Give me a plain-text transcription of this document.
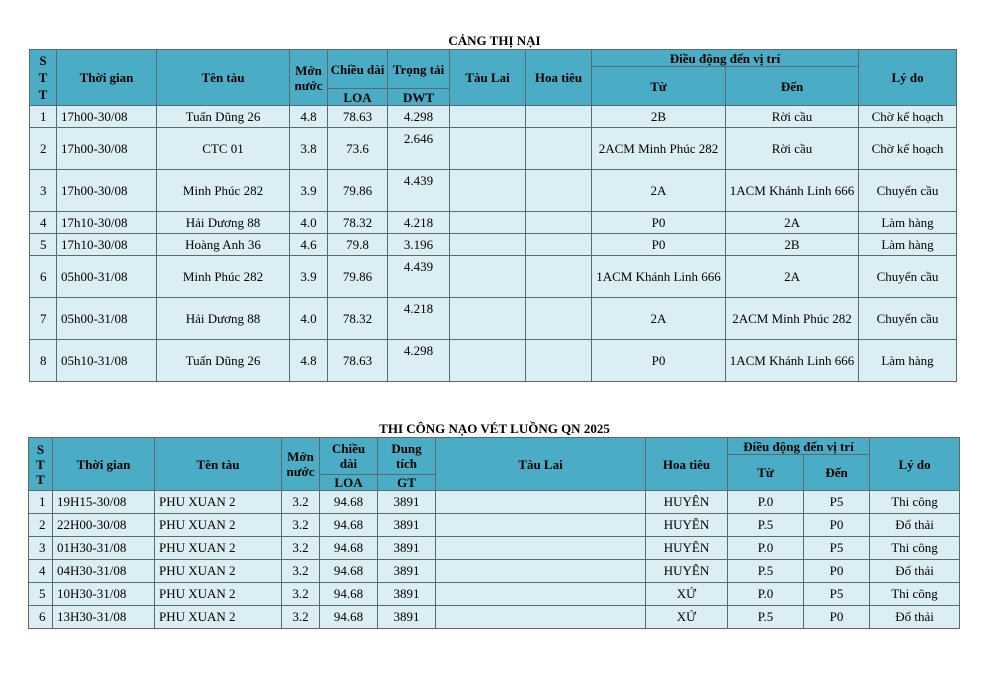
CẢNG THỊ NẠI
S
T
T	Thời gian	Tên tàu	Mớn nước	Chiều dài	Trọng tải	Tàu Lai	Hoa tiêu	Điều động đến vị trí		Lý do
								Từ	Đến	
				LOA	DWT					
1	17h00-30/08	Tuấn Dũng 26	4.8	78.63	4.298			2B	Rời cầu	Chờ kế hoạch
2	17h00-30/08	CTC 01	3.8	73.6	2.646			2ACM Minh Phúc 282	Rời cầu	Chờ kế hoạch
3	17h00-30/08	Minh Phúc 282	3.9	79.86	4.439			2A	1ACM Khánh Linh 666	Chuyển cầu
4	17h10-30/08	Hải Dương 88	4.0	78.32	4.218			P0	2A	Làm hàng
5	17h10-30/08	Hoàng Anh 36	4.6	79.8	3.196			P0	2B	Làm hàng
6	05h00-31/08	Minh Phúc 282	3.9	79.86	4.439			1ACM Khánh Linh 666	2A	Chuyển cầu
7	05h00-31/08	Hải Dương 88	4.0	78.32	4.218			2A	2ACM Minh Phúc 282	Chuyển cầu
8	05h10-31/08	Tuấn Dũng 26	4.8	78.63	4.298			P0	1ACM Khánh Linh 666	Làm hàng
THI CÔNG NẠO VÉT LUỒNG QN 2025
S
T
T	Thời gian	Tên tàu	Mớn nước	Chiều dài	Dung tích	Tàu Lai	Hoa tiêu	Điều động đến vị trí		Lý do
								Từ	Đến	
				LOA	GT					
1	19H15-30/08	PHU XUAN 2	3.2	94.68	3891		HUYÊN	P.0	P5	Thi công
2	22H00-30/08	PHU XUAN 2	3.2	94.68	3891		HUYÊN	P.5	P0	Đổ thải
3	01H30-31/08	PHU XUAN 2	3.2	94.68	3891		HUYÊN	P.0	P5	Thi công
4	04H30-31/08	PHU XUAN 2	3.2	94.68	3891		HUYÊN	P.5	P0	Đổ thải
5	10H30-31/08	PHU XUAN 2	3.2	94.68	3891		XỨ	P.0	P5	Thi công
6	13H30-31/08	PHU XUAN 2	3.2	94.68	3891		XỨ	P.5	P0	Đổ thải
